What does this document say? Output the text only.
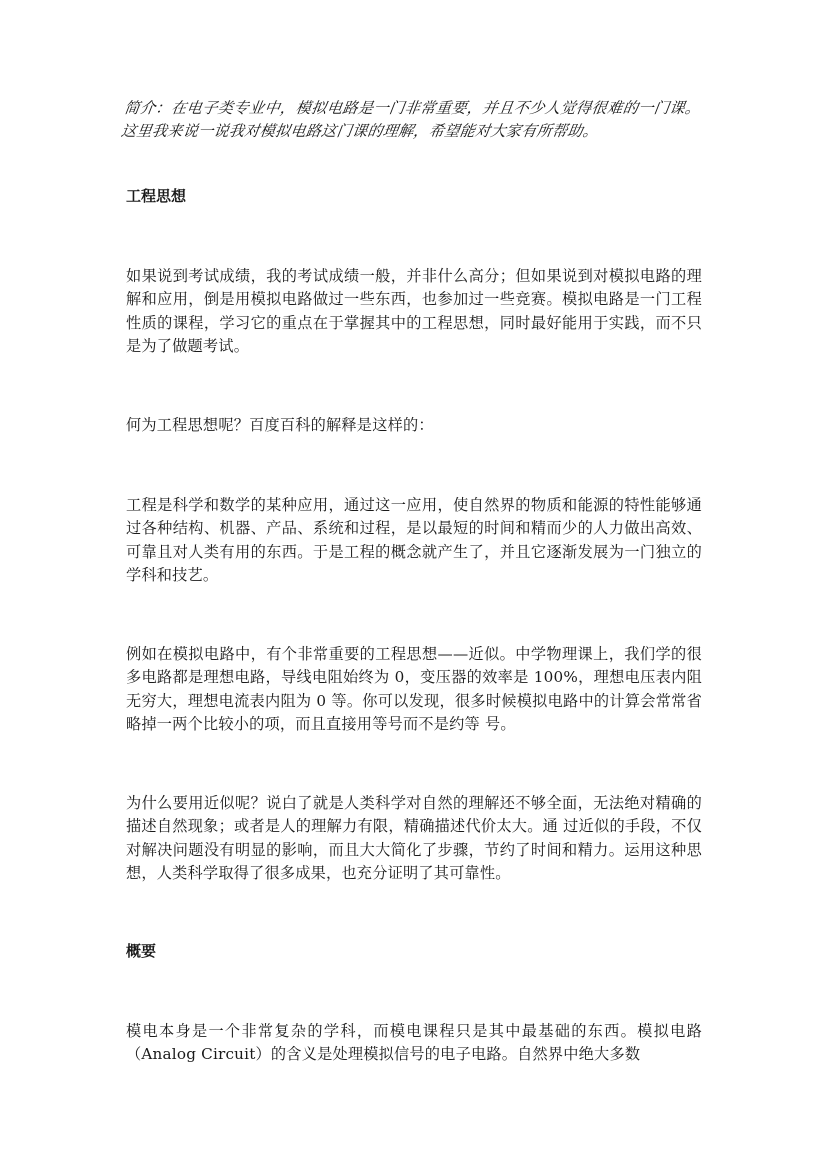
简介：在电子类专业中，模拟电路是一门非常重要，并且不少人觉得很难的一门课。这里我来说一说我对模拟电路这门课的理解，希望能对大家有所帮助。

工程思想

如果说到考试成绩，我的考试成绩一般，并非什么高分；但如果说到对模拟电路的理解和应用，倒是用模拟电路做过一些东西，也参加过一些竞赛。模拟电路是一门工程性质的课程，学习它的重点在于掌握其中的工程思想，同时最好能用于实践，而不只是为了做题考试。

何为工程思想呢？百度百科的解释是这样的：

工程是科学和数学的某种应用，通过这一应用，使自然界的物质和能源的特性能够通过各种结构、机器、产品、系统和过程，是以最短的时间和精而少的人力做出高效、可靠且对人类有用的东西。于是工程的概念就产生了，并且它逐渐发展为一门独立的学科和技艺。

例如在模拟电路中，有个非常重要的工程思想——近似。中学物理课上，我们学的很多电路都是理想电路，导线电阻始终为 0，变压器的效率是 100%，理想电压表内阻无穷大，理想电流表内阻为 0 等。你可以发现，很多时候模拟电路中的计算会常常省略掉一两个比较小的项，而且直接用等号而不是约等 号。

为什么要用近似呢？说白了就是人类科学对自然的理解还不够全面，无法绝对精确的描述自然现象；或者是人的理解力有限，精确描述代价太大。通 过近似的手段，不仅对解决问题没有明显的影响，而且大大简化了步骤，节约了时间和精力。运用这种思想，人类科学取得了很多成果，也充分证明了其可靠性。

概要

模电本身是一个非常复杂的学科，而模电课程只是其中最基础的东西。模拟电路（Analog Circuit）的含义是处理模拟信号的电子电路。自然界中绝大多数
